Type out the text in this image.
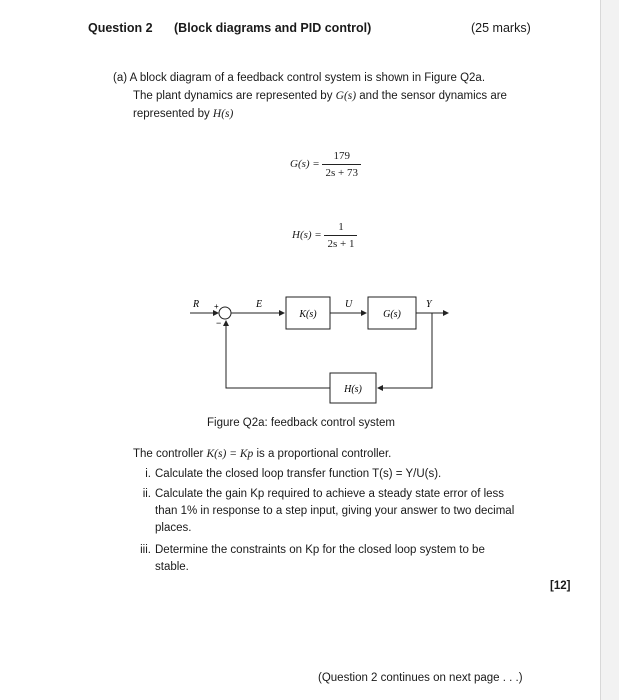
Question 2 (Block diagrams and PID control)	(25 marks)
(a) A block diagram of a feedback control system is shown in Figure Q2a.
The plant dynamics are represented by G(s) and the sensor dynamics are
represented by H(s)
$G(s) = \frac{179}{2s + 73}$
$H(s) = \frac{1}{2s + 1}$
R	E	U	Y
+
−
K(s)	G(s)
H(s)
Figure Q2a: feedback control system
The controller K(s) = Kp is a proportional controller.
i. Calculate the closed loop transfer function T(s) = Y/U(s).
ii. Calculate the gain Kp required to achieve a steady state error of less
than 1% in response to a step input, giving your answer to two decimal
places.
iii. Determine the constraints on Kp for the closed loop system to be
stable.
[12]
(Question 2 continues on next page . . .)
